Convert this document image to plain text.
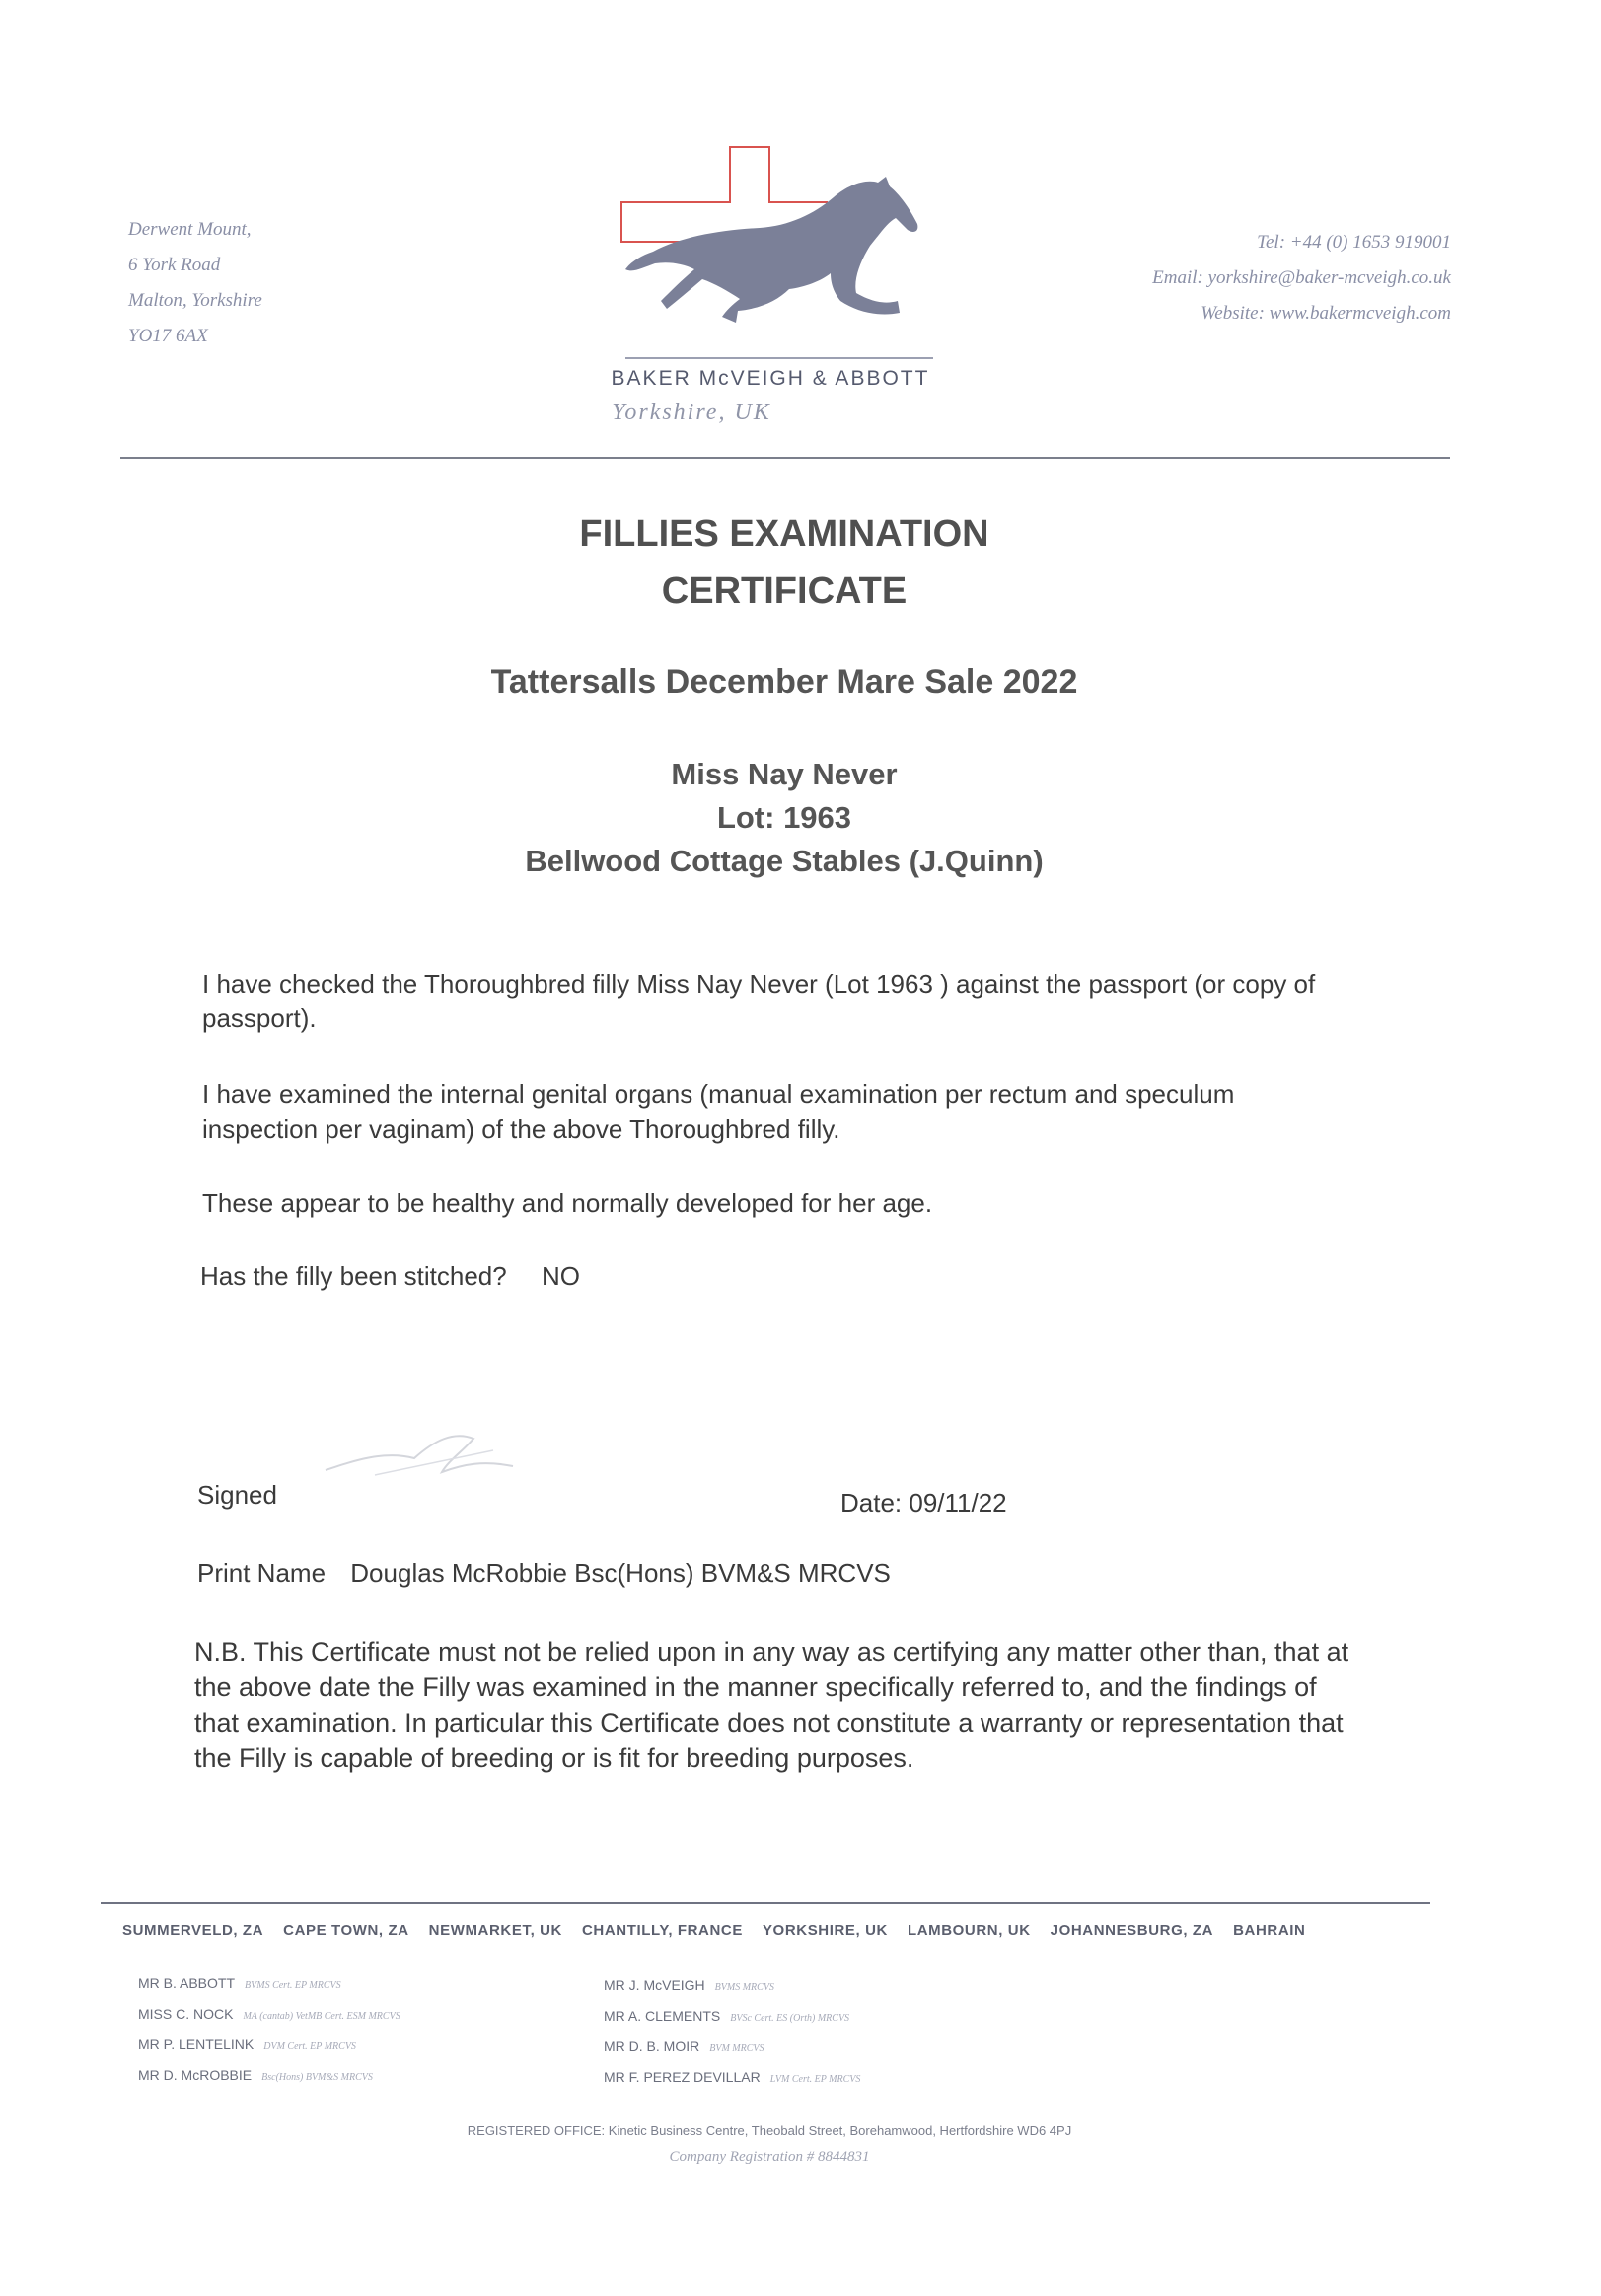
Derwent Mount,
6 York Road
Malton, Yorkshire
YO17 6AX
BAKER McVEIGH & ABBOTT
Yorkshire, UK
Tel: +44 (0) 1653 919001
Email: yorkshire@baker-mcveigh.co.uk
Website: www.bakermcveigh.com
FILLIES EXAMINATION
CERTIFICATE
Tattersalls December Mare Sale 2022
Miss Nay Never
Lot: 1963
Bellwood Cottage Stables (J.Quinn)
I have checked the Thoroughbred filly Miss Nay Never (Lot 1963 ) against the passport (or copy of passport).
I have examined the internal genital organs (manual examination per rectum and speculum inspection per vaginam) of the above Thoroughbred filly.
These appear to be healthy and normally developed for her age.
Has the filly been stitched? NO
Signed	Date: 09/11/22
Print Name Douglas McRobbie Bsc(Hons) BVM&S MRCVS
N.B. This Certificate must not be relied upon in any way as certifying any matter other than, that at the above date the Filly was examined in the manner specifically referred to, and the findings of that examination. In particular this Certificate does not constitute a warranty or representation that the Filly is capable of breeding or is fit for breeding purposes.
SUMMERVELD, ZA CAPE TOWN, ZA NEWMARKET, UK CHANTILLY, FRANCE YORKSHIRE, UK LAMBOURN, UK JOHANNESBURG, ZA BAHRAIN
MR B. ABBOTT BVMS Cert. EP MRCVS
MISS C. NOCK MA (cantab) VetMB Cert. ESM MRCVS
MR P. LENTELINK DVM Cert. EP MRCVS
MR D. McROBBIE Bsc(Hons) BVM&S MRCVS
MR J. McVEIGH BVMS MRCVS
MR A. CLEMENTS BVSc Cert. ES (Orth) MRCVS
MR D. B. MOIR BVM MRCVS
MR F. PEREZ DEVILLAR LVM Cert. EP MRCVS
REGISTERED OFFICE: Kinetic Business Centre, Theobald Street, Borehamwood, Hertfordshire WD6 4PJ
Company Registration # 8844831
